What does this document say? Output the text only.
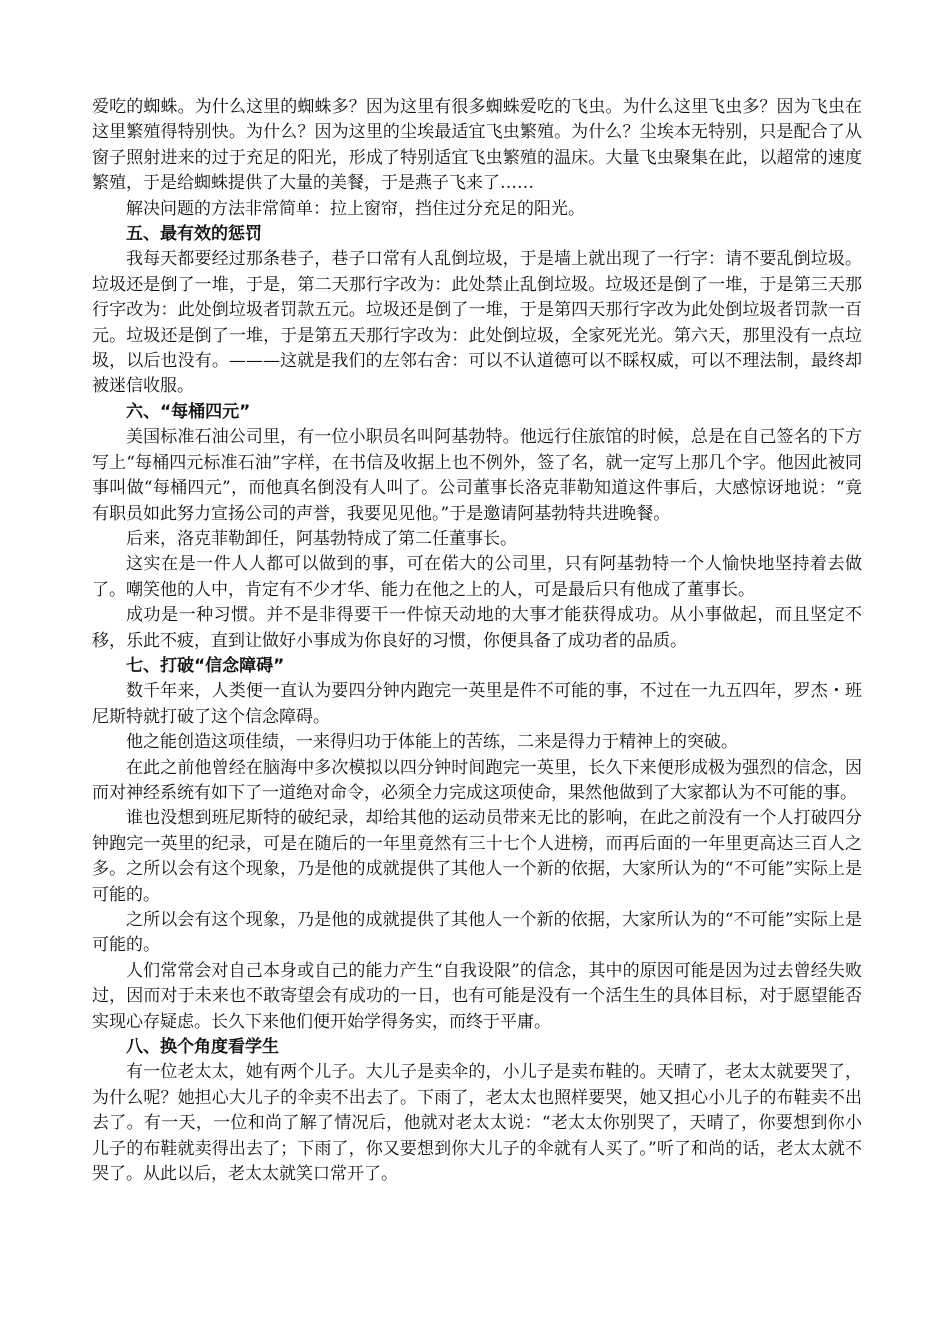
爱吃的蜘蛛。为什么这里的蜘蛛多？因为这里有很多蜘蛛爱吃的飞虫。为什么这里飞虫多？因为飞虫在这里繁殖得特别快。为什么？因为这里的尘埃最适宜飞虫繁殖。为什么？尘埃本无特别，只是配合了从窗子照射进来的过于充足的阳光，形成了特别适宜飞虫繁殖的温床。大量飞虫聚集在此，以超常的速度繁殖，于是给蜘蛛提供了大量的美餐，于是燕子飞来了……

解决问题的方法非常简单：拉上窗帘，挡住过分充足的阳光。

五、最有效的惩罚

我每天都要经过那条巷子，巷子口常有人乱倒垃圾，于是墙上就出现了一行字：请不要乱倒垃圾。垃圾还是倒了一堆，于是，第二天那行字改为：此处禁止乱倒垃圾。垃圾还是倒了一堆，于是第三天那行字改为：此处倒垃圾者罚款五元。垃圾还是倒了一堆，于是第四天那行字改为此处倒垃圾者罚款一百元。垃圾还是倒了一堆，于是第五天那行字改为：此处倒垃圾，全家死光光。第六天，那里没有一点垃圾，以后也没有。———这就是我们的左邻右舍：可以不认道德可以不睬权威，可以不理法制，最终却被迷信收服。

六、“每桶四元”

美国标准石油公司里，有一位小职员名叫阿基勃特。他远行住旅馆的时候，总是在自己签名的下方写上“每桶四元标准石油”字样，在书信及收据上也不例外，签了名，就一定写上那几个字。他因此被同事叫做“每桶四元”，而他真名倒没有人叫了。公司董事长洛克菲勒知道这件事后，大感惊讶地说：“竟有职员如此努力宣扬公司的声誉，我要见见他。”于是邀请阿基勃特共进晚餐。

后来，洛克菲勒卸任，阿基勃特成了第二任董事长。

这实在是一件人人都可以做到的事，可在偌大的公司里，只有阿基勃特一个人愉快地坚持着去做了。嘲笑他的人中，肯定有不少才华、能力在他之上的人，可是最后只有他成了董事长。

成功是一种习惯。并不是非得要干一件惊天动地的大事才能获得成功。从小事做起，而且坚定不移，乐此不疲，直到让做好小事成为你良好的习惯，你便具备了成功者的品质。

七、打破“信念障碍”

数千年来，人类便一直认为要四分钟内跑完一英里是件不可能的事，不过在一九五四年，罗杰・班尼斯特就打破了这个信念障碍。

他之能创造这项佳绩，一来得归功于体能上的苦练，二来是得力于精神上的突破。

在此之前他曾经在脑海中多次模拟以四分钟时间跑完一英里，长久下来便形成极为强烈的信念，因而对神经系统有如下了一道绝对命令，必须全力完成这项使命，果然他做到了大家都认为不可能的事。

谁也没想到班尼斯特的破纪录，却给其他的运动员带来无比的影响，在此之前没有一个人打破四分钟跑完一英里的纪录，可是在随后的一年里竟然有三十七个人进榜，而再后面的一年里更高达三百人之多。之所以会有这个现象，乃是他的成就提供了其他人一个新的依据，大家所认为的“不可能”实际上是可能的。

之所以会有这个现象，乃是他的成就提供了其他人一个新的依据，大家所认为的“不可能”实际上是可能的。

人们常常会对自己本身或自己的能力产生“自我设限”的信念，其中的原因可能是因为过去曾经失败过，因而对于未来也不敢寄望会有成功的一日，也有可能是没有一个活生生的具体目标，对于愿望能否实现心存疑虑。长久下来他们便开始学得务实，而终于平庸。

八、换个角度看学生

有一位老太太，她有两个儿子。大儿子是卖伞的，小儿子是卖布鞋的。天晴了，老太太就要哭了，为什么呢？她担心大儿子的伞卖不出去了。下雨了，老太太也照样要哭，她又担心小儿子的布鞋卖不出去了。有一天，一位和尚了解了情况后，他就对老太太说：“老太太你别哭了，天晴了，你要想到你小儿子的布鞋就卖得出去了；下雨了，你又要想到你大儿子的伞就有人买了。”听了和尚的话，老太太就不哭了。从此以后，老太太就笑口常开了。
